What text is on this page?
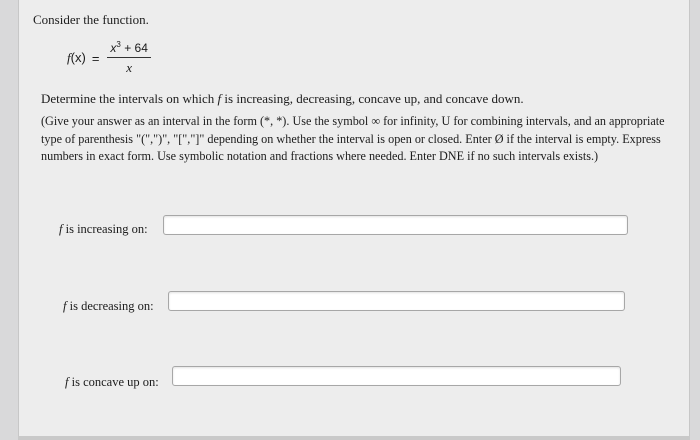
Consider the function.
$f(x) = \frac{x^3 + 64}{x}$
Determine the intervals on which f is increasing, decreasing, concave up, and concave down.
(Give your answer as an interval in the form (*, *). Use the symbol ∞ for infinity, U for combining intervals, and an appropriate type of parenthesis "(",")", "[","]" depending on whether the interval is open or closed. Enter Ø if the interval is empty. Express numbers in exact form. Use symbolic notation and fractions where needed. Enter DNE if no such intervals exists.)
f is increasing on:
f is decreasing on:
f is concave up on:
